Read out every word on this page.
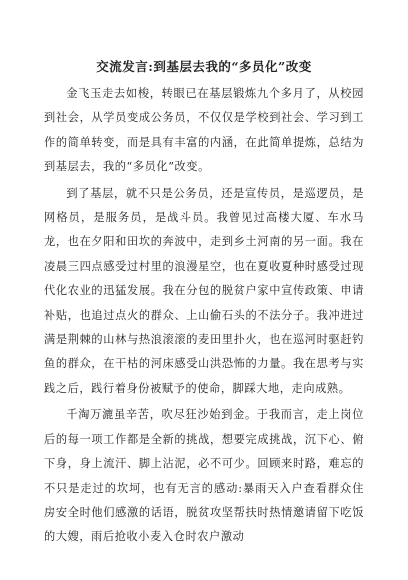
交流发言:到基层去我的“多员化”改变

金飞玉走去如梭，转眼已在基层锻炼九个多月了，从校园到社会，从学员变成公务员，不仅仅是学校到社会、学习到工作的简单转变，而是具有丰富的内涵，在此简单提炼，总结为到基层去，我的“多员化”改变。

到了基层，就不只是公务员，还是宣传员，是巡逻员，是网格员，是服务员，是战斗员。我曾见过高楼大厦、车水马龙，也在夕阳和田坎的奔波中，走到乡土河南的另一面。我在凌晨三四点感受过村里的浪漫星空，也在夏收夏种时感受过现代化农业的迅猛发展。我在分包的脱贫户家中宣传政策、申请补贴，也追过点火的群众、上山偷石头的不法分子。我冲进过满是荆棘的山林与热浪滚滚的麦田里扑火，也在巡河时驱赶钓鱼的群众，在干枯的河床感受山洪恐怖的力量。我在思考与实践之后，践行着身份被赋予的使命，脚踩大地，走向成熟。

千淘万漉虽辛苦，吹尽狂沙始到金。于我而言，走上岗位后的每一项工作都是全新的挑战，想要完成挑战，沉下心、俯下身，身上流汗、脚上沾泥，必不可少。回顾来时路，难忘的不只是走过的坎坷，也有无言的感动:暴雨天入户查看群众住房安全时他们感激的话语，脱贫攻坚帮扶时热情邀请留下吃饭的大嫂，雨后抢收小麦入仓时农户激动
